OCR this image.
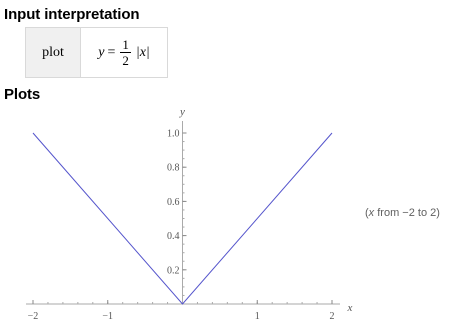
Input interpretation
plot	$y = \frac{1}{2} |x|$
Plots
−2	−1	1	2
0.2
0.4
0.6
0.8
1.0
x
y
(x from −2 to 2)
